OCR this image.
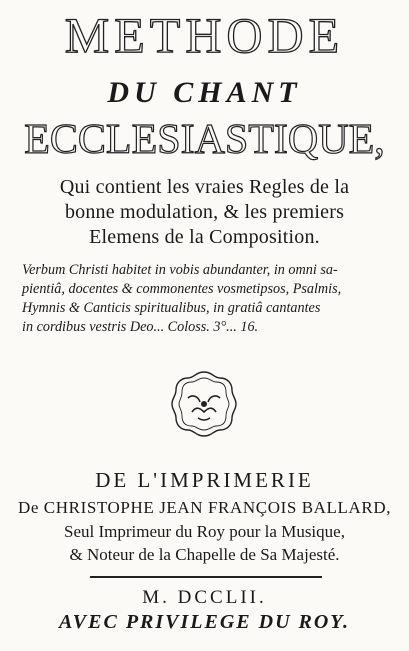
METHODE
DU CHANT
ECCLESIASTIQUE,
Qui contient les vraies Regles de la
bonne modulation, & les premiers
Elemens de la Composition.
Verbum Christi habitet in vobis abundanter, in omni sa-
pientiâ, docentes & commonentes vosmetipsos, Psalmis,
Hymnis & Canticis spiritualibus, in gratiâ cantantes
in cordibus vestris Deo... Coloss. 3°... 16.
DE L'IMPRIMERIE
De CHRISTOPHE JEAN FRANÇOIS BALLARD,
Seul Imprimeur du Roy pour la Musique,
& Noteur de la Chapelle de Sa Majesté.
M. DCCLII.
AVEC PRIVILEGE DU ROY.
